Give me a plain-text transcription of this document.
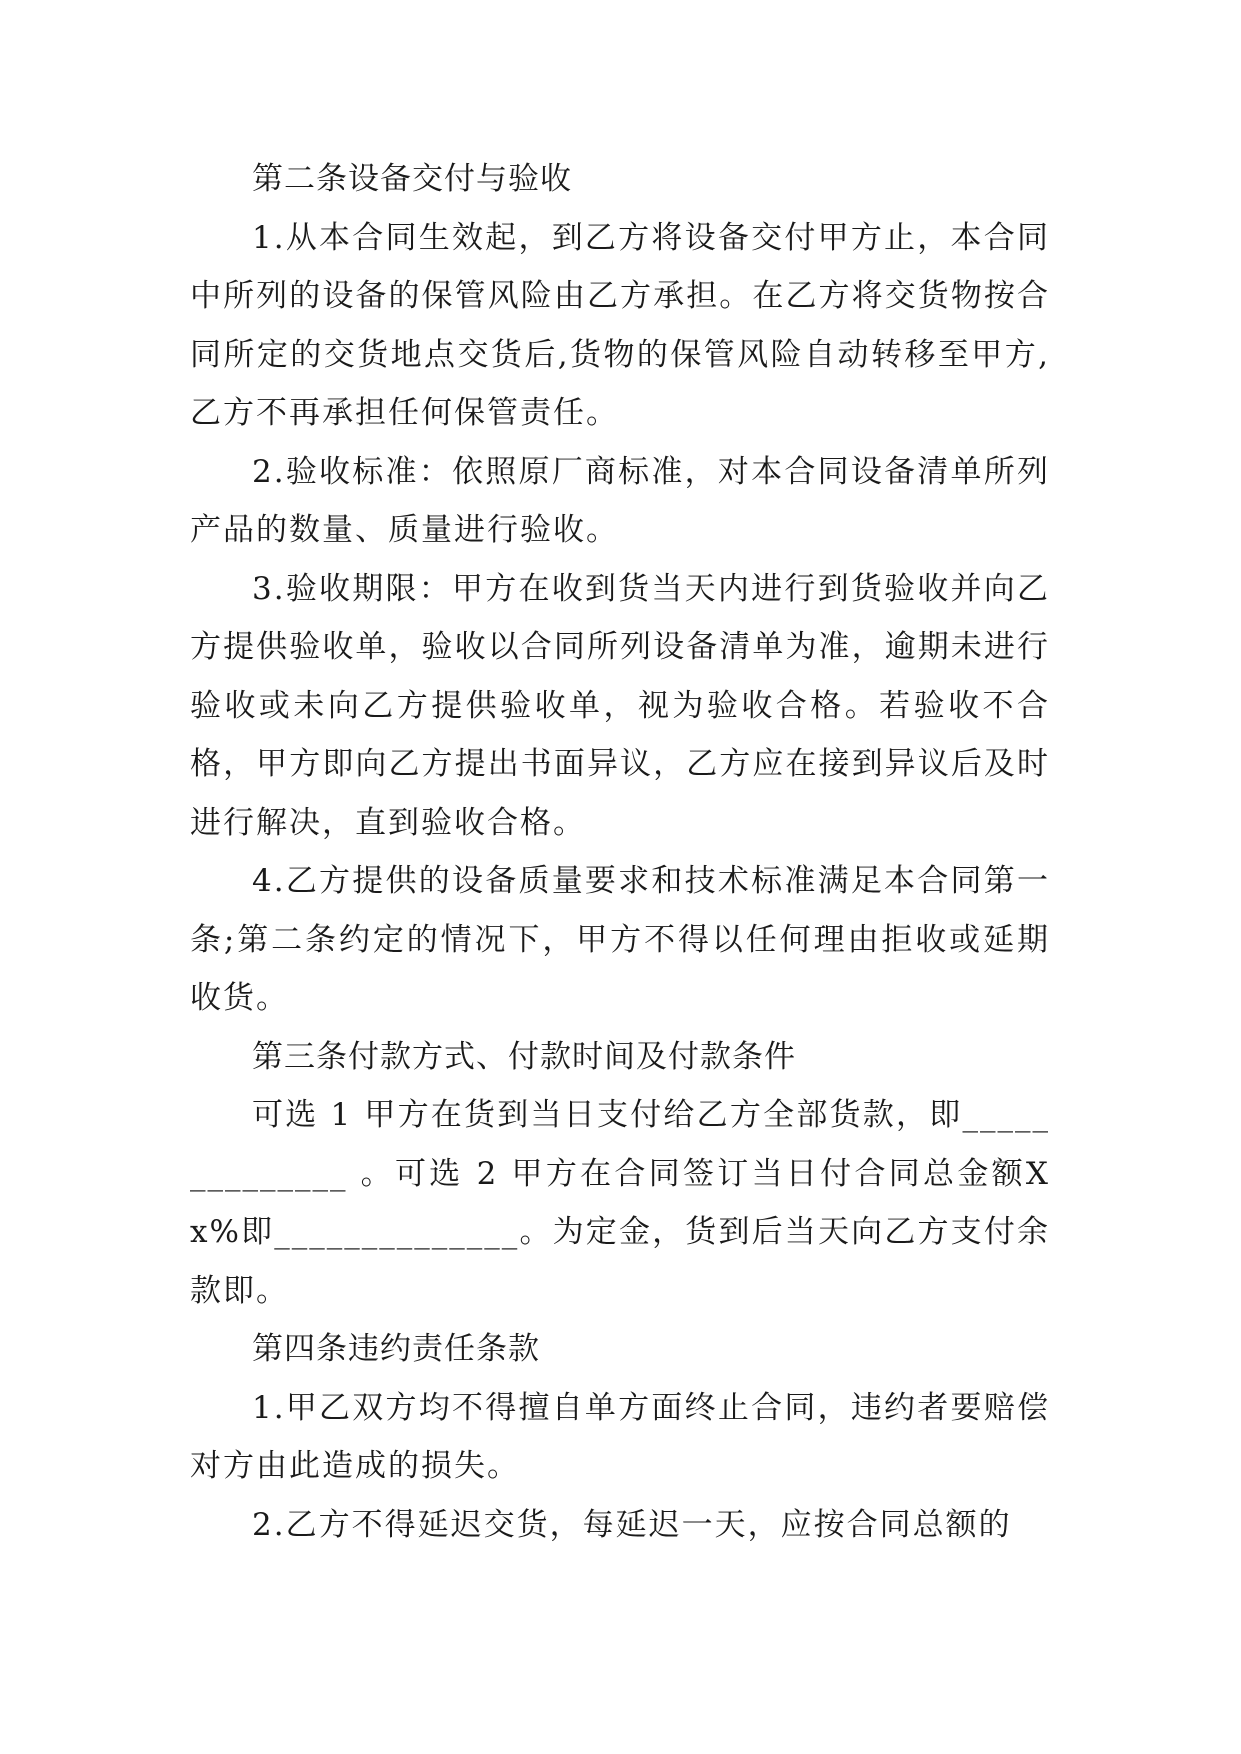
第二条设备交付与验收

1.从本合同生效起，到乙方将设备交付甲方止，本合同中所列的设备的保管风险由乙方承担。在乙方将交货物按合同所定的交货地点交货后,货物的保管风险自动转移至甲方,乙方不再承担任何保管责任。

2.验收标准：依照原厂商标准，对本合同设备清单所列产品的数量、质量进行验收。

3.验收期限：甲方在收到货当天内进行到货验收并向乙方提供验收单，验收以合同所列设备清单为准，逾期未进行验收或未向乙方提供验收单，视为验收合格。若验收不合格，甲方即向乙方提出书面异议，乙方应在接到异议后及时进行解决，直到验收合格。

4.乙方提供的设备质量要求和技术标准满足本合同第一条;第二条约定的情况下，甲方不得以任何理由拒收或延期收货。

第三条付款方式、付款时间及付款条件

可选 1 甲方在货到当日支付给乙方全部货款，即______________ 。可选 2 甲方在合同签订当日付合同总金额Xx%即______________。为定金，货到后当天向乙方支付余款即。

第四条违约责任条款

1.甲乙双方均不得擅自单方面终止合同，违约者要赔偿对方由此造成的损失。

2.乙方不得延迟交货，每延迟一天，应按合同总额的
